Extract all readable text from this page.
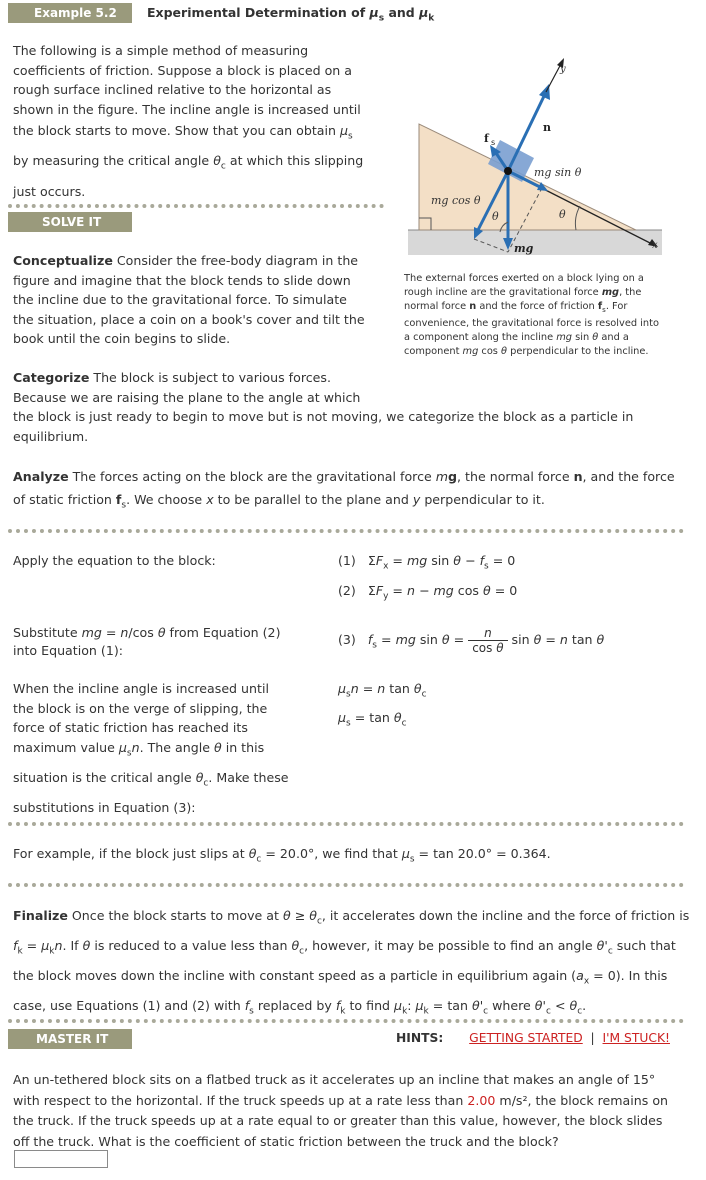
Example 5.2	Experimental Determination of $\mu_s$ and $\mu_k$
The following is a simple method of measuring
coefficients of friction. Suppose a block is placed on a
rough surface inclined relative to the horizontal as
shown in the figure. The incline angle is increased until
the block starts to move. Show that you can obtain $\mu_s$
by measuring the critical angle $\theta_c$ at which this slipping
just occurs.
SOLVE IT
x
y
n
f s
mg sin θ
mg cos θ
mg
θ	θ
The external forces exerted on a block lying on a
rough incline are the gravitational force mg, the
normal force n and the force of friction $f_s$. For
convenience, the gravitational force is resolved into
a component along the incline mg sin θ and a
component mg cos θ perpendicular to the incline.
Conceptualize Consider the free-body diagram in the
figure and imagine that the block tends to slide down
the incline due to the gravitational force. To simulate
the situation, place a coin on a book's cover and tilt the
book until the coin begins to slide.
Categorize The block is subject to various forces.
Because we are raising the plane to the angle at which
the block is just ready to begin to move but is not moving, we categorize the block as a particle in
equilibrium.
Analyze The forces acting on the block are the gravitational force mg, the normal force n, and the force
of static friction $f_s$. We choose x to be parallel to the plane and y perpendicular to it.
Apply the equation to the block:	(1)   $\Sigma F_x$ = mg $\sin \theta - f_s = 0$
(2)   $\Sigma F_y = n$ − mg cos θ = 0
Substitute mg = n/cos θ from Equation (2)
into Equation (1):
(3) $f_s$ = mg $\sin \theta = \frac{n}{\text{cos θ}}$ sin θ = n tan θ
When the incline angle is increased until
the block is on the verge of slipping, the
force of static friction has reached its
maximum value $\mu_sn$. The angle θ in this
situation is the critical angle $\theta_c$. Make these
substitutions in Equation (3):
$\mu_sn = n$ $\tan \theta_c$
$\mu_s = \tan \theta_c$
For example, if the block just slips at $\theta_c = 20.0^\circ$, we find that $\mu_s = \tan 20.0^\circ = 0.364$.
Finalize Once the block starts to move at $\theta \ge \theta_c$, it accelerates down the incline and the force of friction is
$f_k = \mu_kn$. If θ is reduced to a value less than $\theta_c$, however, it may be possible to find an angle $\theta'_c$ such that
the block moves down the incline with constant speed as a particle in equilibrium again $(a_x = 0)$. In this
case, use Equations (1) and (2) with $f_s$ replaced by $f_k$ to find $\mu_k$: $\mu_k = \tan \theta'_c$ where $\theta'_c < \theta_c$.
MASTER IT	HINTS: GETTING STARTED | I'M STUCK!
An un-tethered block sits on a flatbed truck as it accelerates up an incline that makes an angle of 15°
with respect to the horizontal. If the truck speeds up at a rate less than 2.00 m/s², the block remains on
the truck. If the truck speeds up at a rate equal to or greater than this value, however, the block slides
off the truck. What is the coefficient of static friction between the truck and the block?
